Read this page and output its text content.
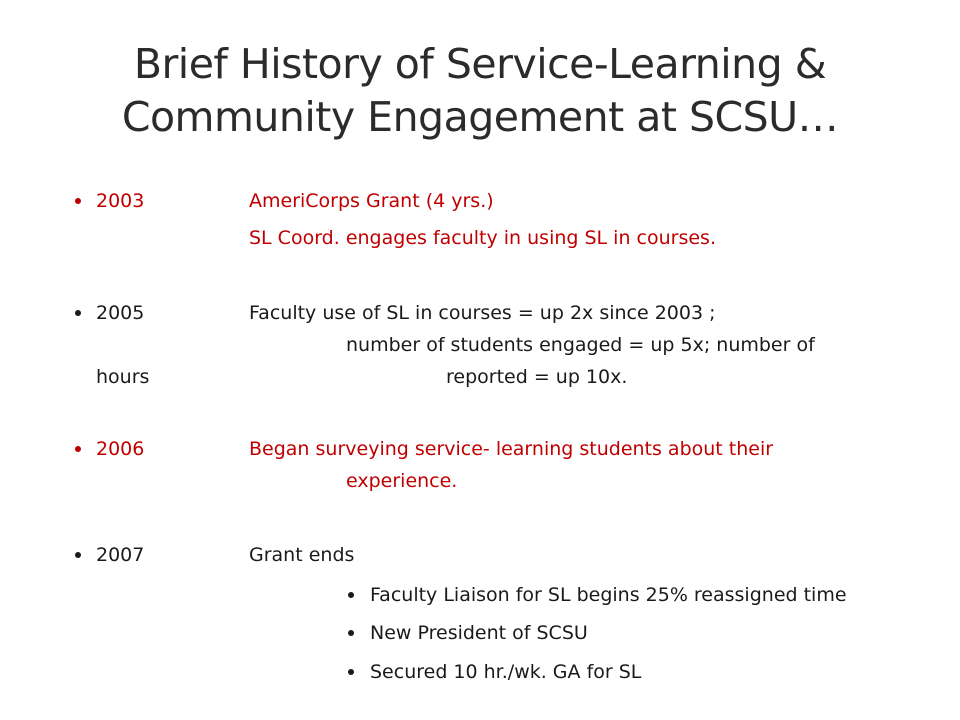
Brief History of Service-Learning &
Community Engagement at SCSU…
2003	AmeriCorps Grant (4 yrs.)
SL Coord. engages faculty in using SL in courses.
2005	Faculty use of SL in courses = up 2x since 2003 ;
number of students engaged = up 5x; number of
hours	reported = up 10x.
2006	Began surveying service- learning students about their
experience.
2007	Grant ends
Faculty Liaison for SL begins 25% reassigned time
New President of SCSU
Secured 10 hr./wk. GA for SL
